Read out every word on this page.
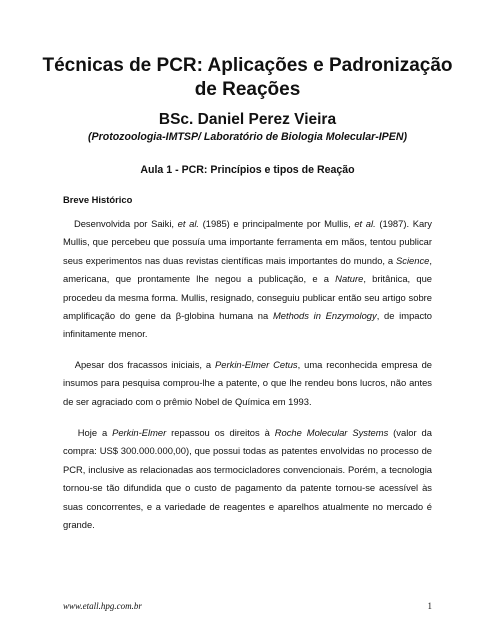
Técnicas de PCR: Aplicações e Padronização
de Reações

BSc. Daniel Perez Vieira

(Protozoologia-IMTSP/ Laboratório de Biologia Molecular-IPEN)

Aula 1 - PCR: Princípios e tipos de Reação

Breve Histórico

Desenvolvida por Saiki, et al. (1985) e principalmente por Mullis, et al. (1987). Kary Mullis, que percebeu que possuía uma importante ferramenta em mãos, tentou publicar seus experimentos nas duas revistas científicas mais importantes do mundo, a Science, americana, que prontamente lhe negou a publicação, e a Nature, britânica, que procedeu da mesma forma. Mullis, resignado, conseguiu publicar então seu artigo sobre amplificação do gene da β-globina humana na Methods in Enzymology, de impacto infinitamente menor.

Apesar dos fracassos iniciais, a Perkin-Elmer Cetus, uma reconhecida empresa de insumos para pesquisa comprou-lhe a patente, o que lhe rendeu bons lucros, não antes de ser agraciado com o prêmio Nobel de Química em 1993.

Hoje a Perkin-Elmer repassou os direitos à Roche Molecular Systems (valor da compra: US$ 300.000.000,00), que possui todas as patentes envolvidas no processo de PCR, inclusive as relacionadas aos termocicladores convencionais. Porém, a tecnologia tornou-se tão difundida que o custo de pagamento da patente tornou-se acessível às suas concorrentes, e a variedade de reagentes e aparelhos atualmente no mercado é grande.

www.etall.hpg.com.br	1
